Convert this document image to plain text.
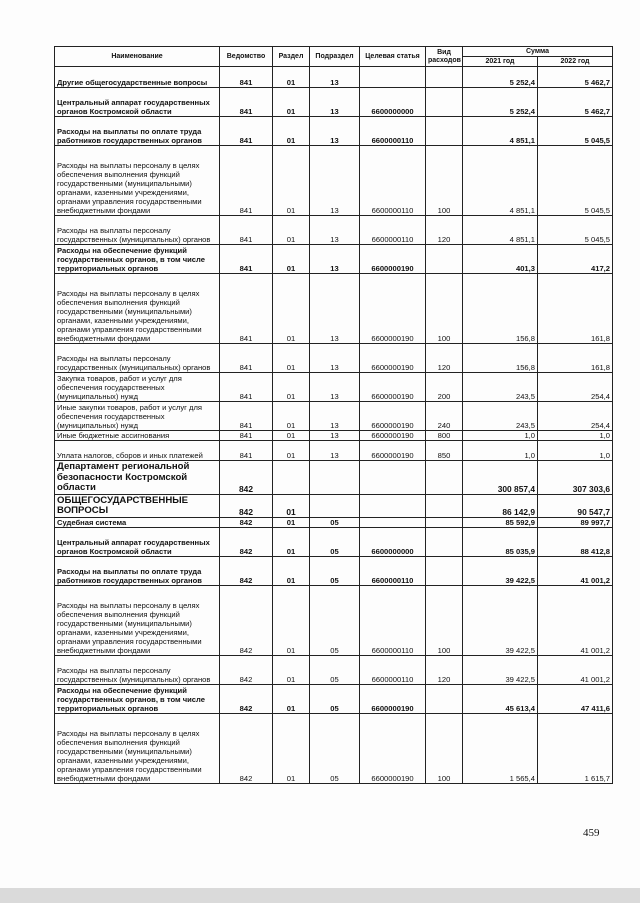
Наименование	Ведомство	Раздел	Подраздел	Целевая статья	Вид расходов	Сумма	
						2021 год	2022 год
Другие общегосударственные вопросы	841	01	13			5 252,4	5 462,7
Центральный аппарат государственных органов Костромской области	841	01	13	6600000000		5 252,4	5 462,7
Расходы на выплаты по оплате труда работников государственных органов	841	01	13	6600000110		4 851,1	5 045,5
Расходы на выплаты персоналу в целях обеспечения выполнения функций государственными (муниципальными) органами, казенными учреждениями, органами управления государственными внебюджетными фондами	841	01	13	6600000110	100	4 851,1	5 045,5
Расходы на выплаты персоналу государственных (муниципальных) органов	841	01	13	6600000110	120	4 851,1	5 045,5
Расходы на обеспечение функций государственных органов, в том числе территориальных органов	841	01	13	6600000190		401,3	417,2
Расходы на выплаты персоналу в целях обеспечения выполнения функций государственными (муниципальными) органами, казенными учреждениями, органами управления государственными внебюджетными фондами	841	01	13	6600000190	100	156,8	161,8
Расходы на выплаты персоналу государственных (муниципальных) органов	841	01	13	6600000190	120	156,8	161,8
Закупка товаров, работ и услуг для обеспечения государственных (муниципальных) нужд	841	01	13	6600000190	200	243,5	254,4
Иные закупки товаров, работ и услуг для обеспечения государственных (муниципальных) нужд	841	01	13	6600000190	240	243,5	254,4
Иные бюджетные ассигнования	841	01	13	6600000190	800	1,0	1,0
Уплата налогов, сборов и иных платежей	841	01	13	6600000190	850	1,0	1,0
Департамент региональной безопасности Костромской области	842					300 857,4	307 303,6
ОБЩЕГОСУДАРСТВЕННЫЕ ВОПРОСЫ	842	01				86 142,9	90 547,7
Судебная система	842	01	05			85 592,9	89 997,7
Центральный аппарат государственных органов Костромской области	842	01	05	6600000000		85 035,9	88 412,8
Расходы на выплаты по оплате труда работников государственных органов	842	01	05	6600000110		39 422,5	41 001,2
Расходы на выплаты персоналу в целях обеспечения выполнения функций государственными (муниципальными) органами, казенными учреждениями, органами управления государственными внебюджетными фондами	842	01	05	6600000110	100	39 422,5	41 001,2
Расходы на выплаты персоналу государственных (муниципальных) органов	842	01	05	6600000110	120	39 422,5	41 001,2
Расходы на обеспечение функций государственных органов, в том числе территориальных органов	842	01	05	6600000190		45 613,4	47 411,6
Расходы на выплаты персоналу в целях обеспечения выполнения функций государственными (муниципальными) органами, казенными учреждениями, органами управления государственными внебюджетными фондами	842	01	05	6600000190	100	1 565,4	1 615,7
459
